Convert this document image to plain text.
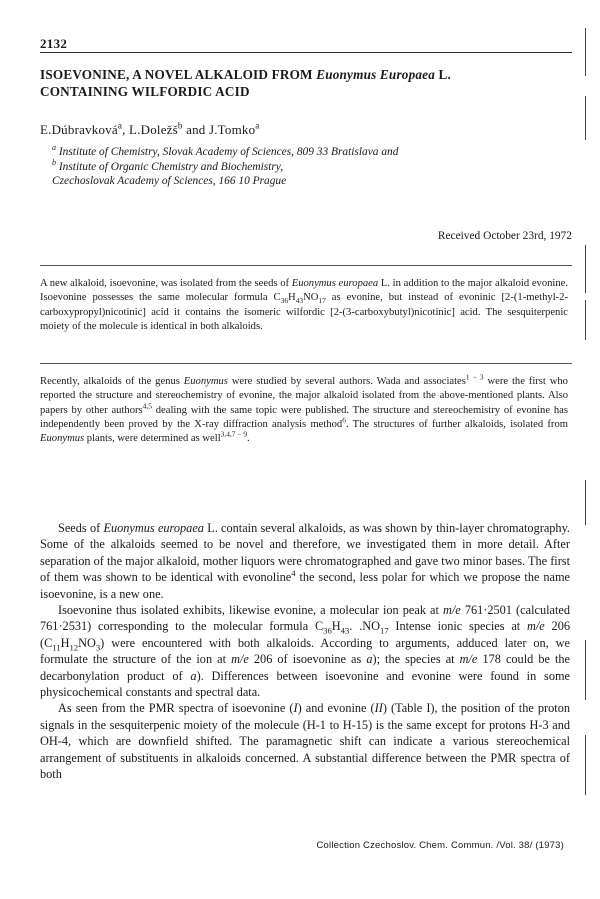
2132
ISOEVONINE, A NOVEL ALKALOID FROM Euonymus Europaea L.
CONTAINING WILFORDIC ACID
E.Dúbravková$^a$, L.Doležš$^b$ and J.Tomko$^a$
$^a$ Institute of Chemistry, Slovak Academy of Sciences, 809 33 Bratislava and
$^b$ Institute of Organic Chemistry and Biochemistry,
Czechoslovak Academy of Sciences, 166 10 Prague
Received October 23rd, 1972

A new alkaloid, isoevonine, was isolated from the seeds of Euonymus europaea L. in addition to the major alkaloid evonine. Isoevonine possesses the same molecular formula $C_{36}H_{43}NO_{17}$ as evonine, but instead of evoninic [2-(1-methyl-2-carboxypropyl)nicotinic] acid it contains the isomeric wilfordic [2-(3-carboxybutyl)nicotinic] acid. The sesquiterpenic moiety of the molecule is identical in both alkaloids.

Recently, alkaloids of the genus Euonymus were studied by several authors. Wada and associates$^{1 - 3}$ were the first who reported the structure and stereochemistry of evonine, the major alkaloid isolated from the above-mentioned plants. Also papers by other authors$^{4,5}$ dealing with the same topic were published. The structure and stereochemistry of evonine has independently been proved by the X-ray diffraction analysis method$^6$. The structures of further alkaloids, isolated from Euonymus plants, were determined as well$^{3,4,7 - 9}$.

Seeds of Euonymus europaea L. contain several alkaloids, as was shown by thin-layer chromatography. Some of the alkaloids seemed to be novel and therefore, we investigated them in more detail. After separation of the major alkaloid, mother liquors were chromatographed and gave two minor bases. The first of them was shown to be identical with evonoline$^4$ the second, less polar for which we propose the name isoevonine, is a new one.

Isoevonine thus isolated exhibits, likewise evonine, a molecular ion peak at m/e 761·2501 (calculated 761·2531) corresponding to the molecular formula $C_{36}H_{43}$. $.NO_{17}$ Intense ionic species at m/e 206 $(C_{11}H_{12}NO_3)$ were encountered with both alkaloids. According to arguments, adduced later on, we formulate the structure of the ion at m/e 206 of isoevonine as a); the species at m/e 178 could be the decarbonylation product of a). Differences between isoevonine and evonine were found in some physicochemical constants and spectral data.

As seen from the PMR spectra of isoevonine (I) and evonine (II) (Table I), the position of the proton signals in the sesquiterpenic moiety of the molecule (H-1 to H-15) is the same except for protons H-3 and OH-4, which are downfield shifted. The paramagnetic shift can indicate a various stereochemical arrangement of substituents in alkaloids concerned. A substantial difference between the PMR spectra of both

Collection Czechoslov. Chem. Commun. /Vol. 38/ (1973)
